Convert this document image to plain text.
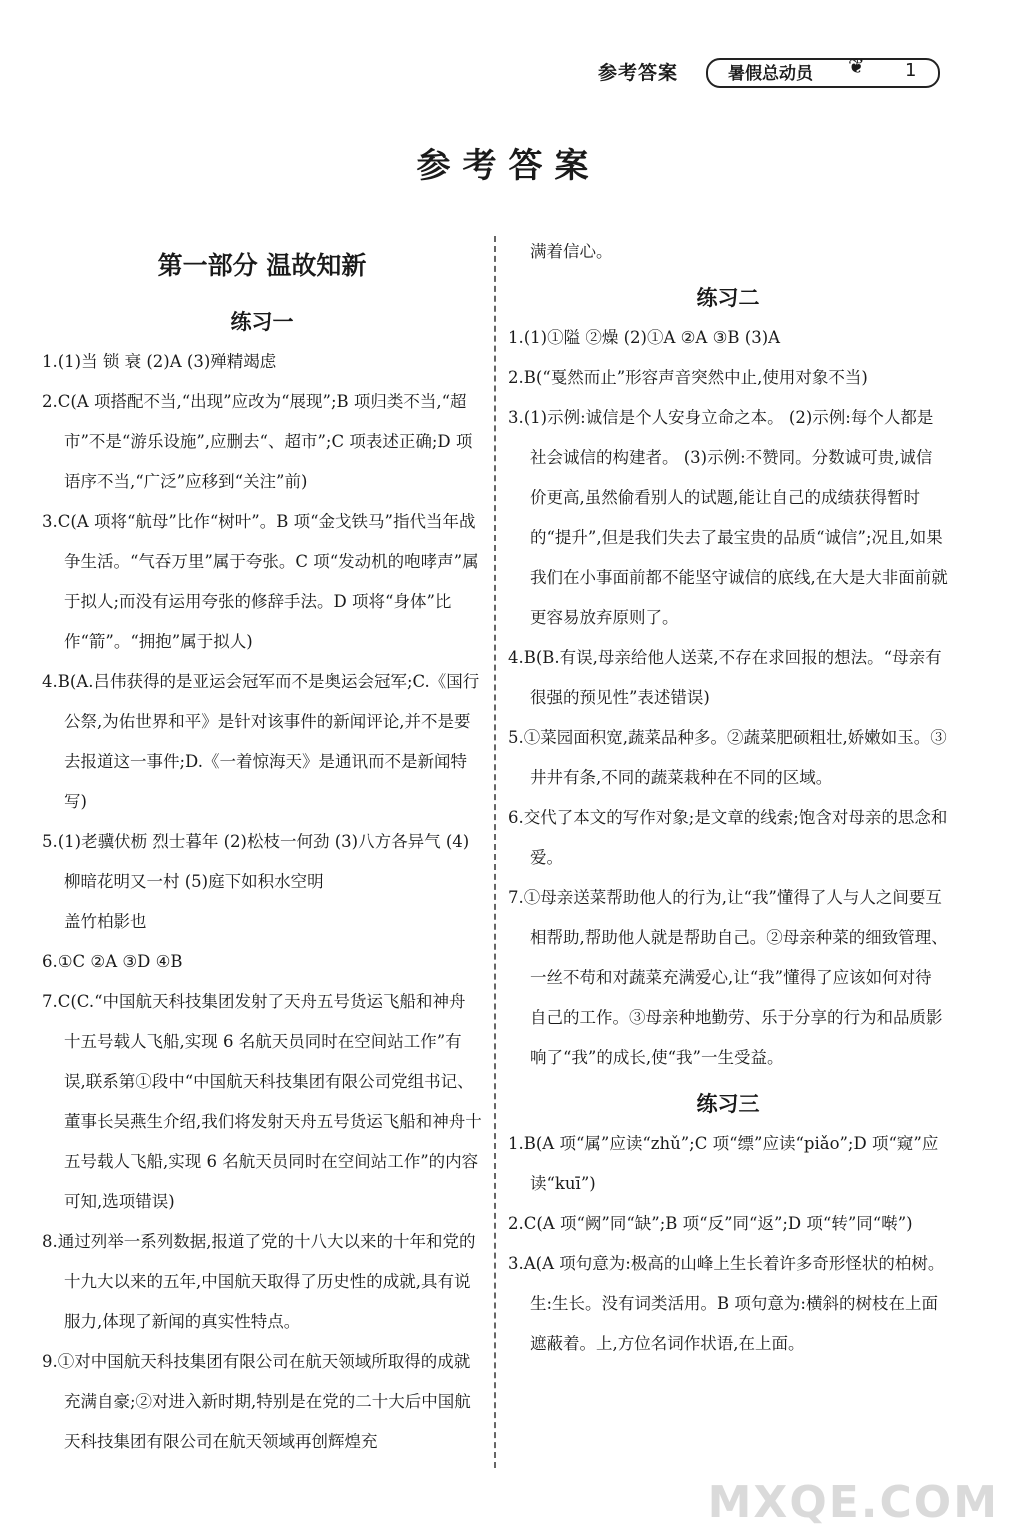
参考答案	暑假总动员 ❦ 1
参考答案
第一部分 温故知新
练习一

1.(1)当 锁 衰 (2)A (3)殚精竭虑

2.C(A 项搭配不当,“出现”应改为“展现”;B 项归类不当,“超市”不是“游乐设施”,应删去“、超市”;C 项表述正确;D 项语序不当,“广泛”应移到“关注”前)

3.C(A 项将“航母”比作“树叶”。B 项“金戈铁马”指代当年战争生活。“气吞万里”属于夸张。C 项“发动机的咆哮声”属于拟人;而没有运用夸张的修辞手法。D 项将“身体”比作“箭”。“拥抱”属于拟人)

4.B(A.吕伟获得的是亚运会冠军而不是奥运会冠军;C.《国行公祭,为佑世界和平》是针对该事件的新闻评论,并不是要去报道这一事件;D.《一着惊海天》是通讯而不是新闻特写)

5.(1)老骥伏枥 烈士暮年 (2)松枝一何劲 (3)八方各异气 (4)柳暗花明又一村 (5)庭下如积水空明

盖竹柏影也

6.①C ②A ③D ④B

7.C(C.“中国航天科技集团发射了天舟五号货运飞船和神舟十五号载人飞船,实现 6 名航天员同时在空间站工作”有误,联系第①段中“中国航天科技集团有限公司党组书记、董事长吴燕生介绍,我们将发射天舟五号货运飞船和神舟十五号载人飞船,实现 6 名航天员同时在空间站工作”的内容可知,选项错误)

8.通过列举一系列数据,报道了党的十八大以来的十年和党的十九大以来的五年,中国航天取得了历史性的成就,具有说服力,体现了新闻的真实性特点。

9.①对中国航天科技集团有限公司在航天领域所取得的成就充满自豪;②对进入新时期,特别是在党的二十大后中国航天科技集团有限公司在航天领域再创辉煌充

满着信心。

练习二

1.(1)①隘 ②燥 (2)①A ②A ③B (3)A

2.B(“戛然而止”形容声音突然中止,使用对象不当)

3.(1)示例:诚信是个人安身立命之本。 (2)示例:每个人都是社会诚信的构建者。 (3)示例:不赞同。分数诚可贵,诚信价更高,虽然偷看别人的试题,能让自己的成绩获得暂时的“提升”,但是我们失去了最宝贵的品质“诚信”;况且,如果我们在小事面前都不能坚守诚信的底线,在大是大非面前就更容易放弃原则了。

4.B(B.有误,母亲给他人送菜,不存在求回报的想法。“母亲有很强的预见性”表述错误)

5.①菜园面积宽,蔬菜品种多。②蔬菜肥硕粗壮,娇嫩如玉。③井井有条,不同的蔬菜栽种在不同的区域。

6.交代了本文的写作对象;是文章的线索;饱含对母亲的思念和爱。

7.①母亲送菜帮助他人的行为,让“我”懂得了人与人之间要互相帮助,帮助他人就是帮助自己。②母亲种菜的细致管理、一丝不苟和对蔬菜充满爱心,让“我”懂得了应该如何对待自己的工作。③母亲种地勤劳、乐于分享的行为和品质影响了“我”的成长,使“我”一生受益。

练习三

1.B(A 项“属”应读“zhǔ”;C 项“缥”应读“piǎo”;D 项“窥”应读“kuī”)

2.C(A 项“阙”同“缺”;B 项“反”同“返”;D 项“转”同“啭”)

3.A(A 项句意为:极高的山峰上生长着许多奇形怪状的柏树。生:生长。没有词类活用。B 项句意为:横斜的树枝在上面遮蔽着。上,方位名词作状语,在上面。

MXQE.COM
